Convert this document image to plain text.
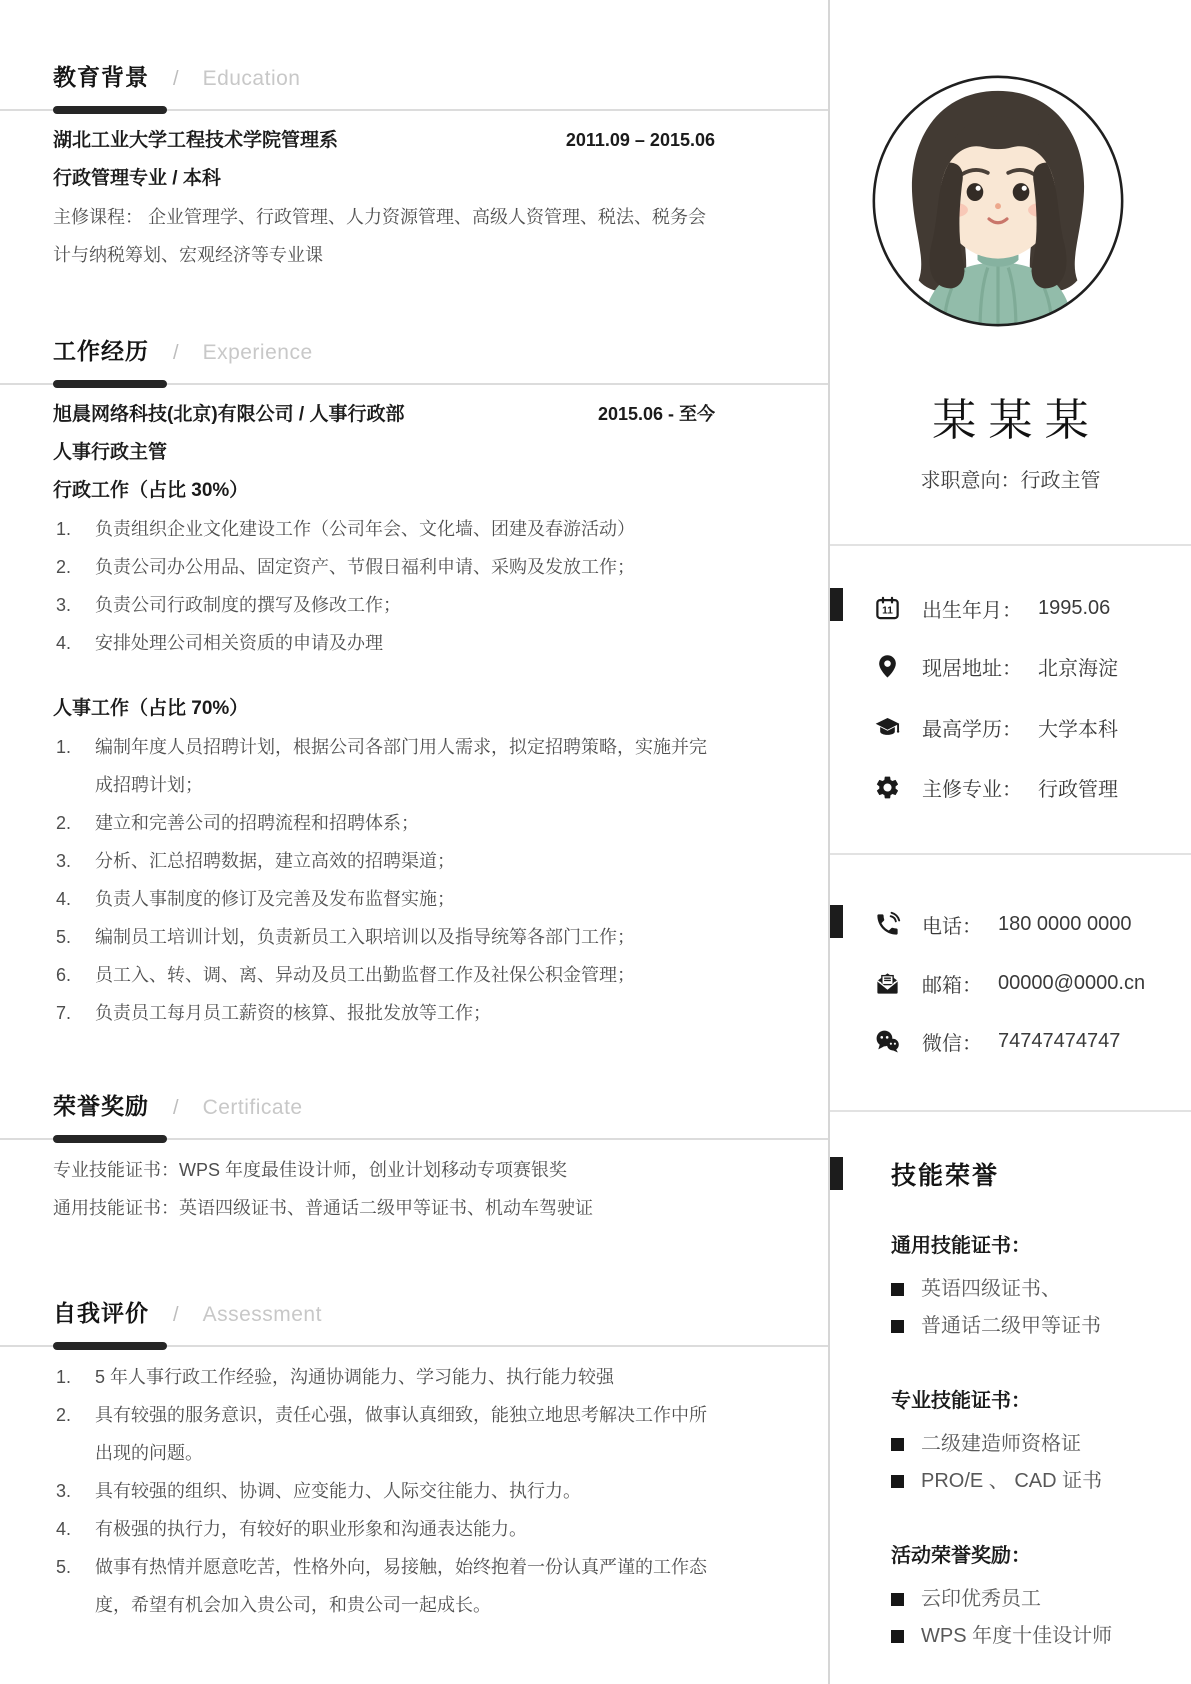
教育背景 / Education
湖北工业大学工程技术学院管理系	2011.09 – 2015.06
行政管理专业 / 本科
主修课程： 企业管理学、行政管理、人力资源管理、高级人资管理、税法、税务会计与纳税筹划、宏观经济等专业课
工作经历 / Experience
旭晨网络科技(北京)有限公司 / 人事行政部	2015.06 - 至今
人事行政主管
行政工作（占比 30%）
负责组织企业文化建设工作（公司年会、文化墙、团建及春游活动）
负责公司办公用品、固定资产、节假日福利申请、采购及发放工作；
负责公司行政制度的撰写及修改工作；
安排处理公司相关资质的申请及办理
人事工作（占比 70%）
编制年度人员招聘计划，根据公司各部门用人需求，拟定招聘策略，实施并完成招聘计划；
建立和完善公司的招聘流程和招聘体系；
分析、汇总招聘数据，建立高效的招聘渠道；
负责人事制度的修订及完善及发布监督实施；
编制员工培训计划，负责新员工入职培训以及指导统筹各部门工作；
员工入、转、调、离、异动及员工出勤监督工作及社保公积金管理；
负责员工每月员工薪资的核算、报批发放等工作；
荣誉奖励 / Certificate
专业技能证书：WPS 年度最佳设计师，创业计划移动专项赛银奖
通用技能证书：英语四级证书、普通话二级甲等证书、机动车驾驶证
自我评价 / Assessment
5 年人事行政工作经验，沟通协调能力、学习能力、执行能力较强
具有较强的服务意识，责任心强，做事认真细致，能独立地思考解决工作中所出现的问题。
具有较强的组织、协调、应变能力、人际交往能力、执行力。
有极强的执行力，有较好的职业形象和沟通表达能力。
做事有热情并愿意吃苦，性格外向，易接触，始终抱着一份认真严谨的工作态度，希望有机会加入贵公司，和贵公司一起成长。
某 某 某
求职意向：行政主管
11 出生年月： 1995.06
现居地址： 北京海淀
最高学历： 大学本科
主修专业： 行政管理
电话： 180 0000 0000
邮箱： 00000@0000.cn
微信： 74747474747
技能荣誉
通用技能证书：
英语四级证书、
普通话二级甲等证书
专业技能证书：
二级建造师资格证
PRO/E 、 CAD 证书
活动荣誉奖励：
云印优秀员工
WPS 年度十佳设计师
